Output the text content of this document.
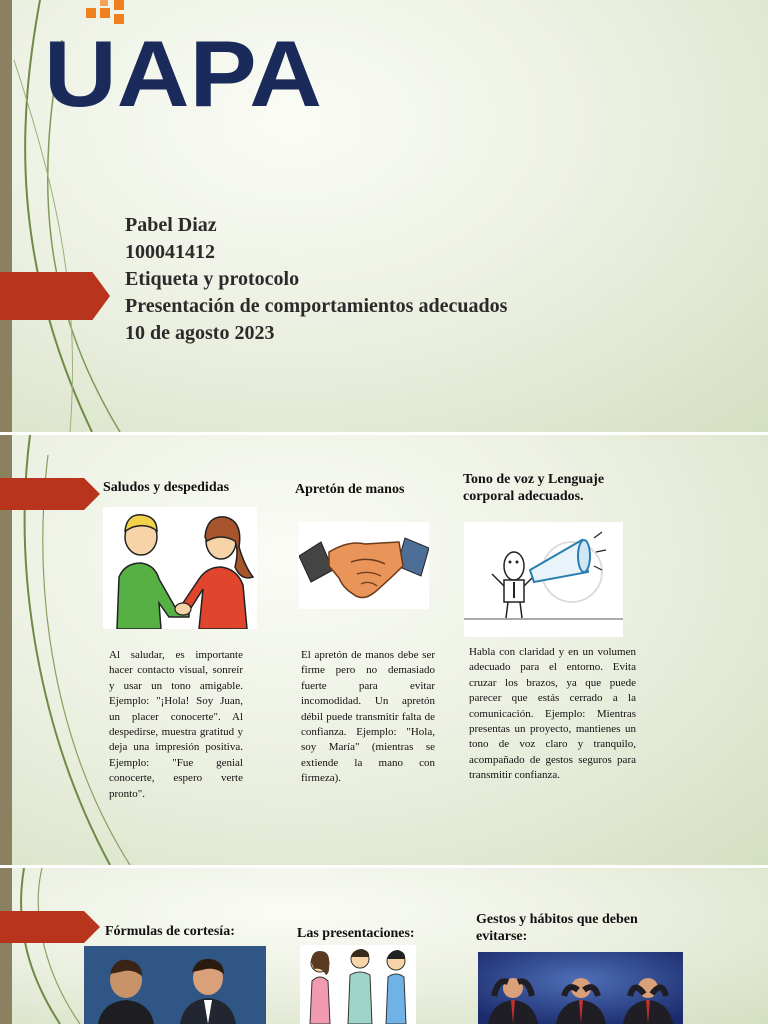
UAPA
Pabel Diaz
100041412
Etiqueta y protocolo
Presentación de comportamientos adecuados
10 de agosto 2023
Saludos y despedidas
Al saludar, es importante hacer contacto visual, sonreír y usar un tono amigable. Ejemplo: "¡Hola! Soy Juan, un placer conocerte". Al despedirse, muestra gratitud y deja una impresión positiva. Ejemplo: "Fue genial conocerte, espero verte pronto".
Apretón de manos
El apretón de manos debe ser firme pero no demasiado fuerte para evitar incomodidad. Un apretón débil puede transmitir falta de confianza. Ejemplo: "Hola, soy María" (mientras se extiende la mano con firmeza).
Tono de voz y Lenguaje corporal adecuados.
Habla con claridad y en un volumen adecuado para el entorno. Evita cruzar los brazos, ya que puede parecer que estás cerrado a la comunicación. Ejemplo: Mientras presentas un proyecto, mantienes un tono de voz claro y tranquilo, acompañado de gestos seguros para transmitir confianza.
Fórmulas de cortesía:	Las presentaciones:
Gestos y hábitos que deben evitarse:
